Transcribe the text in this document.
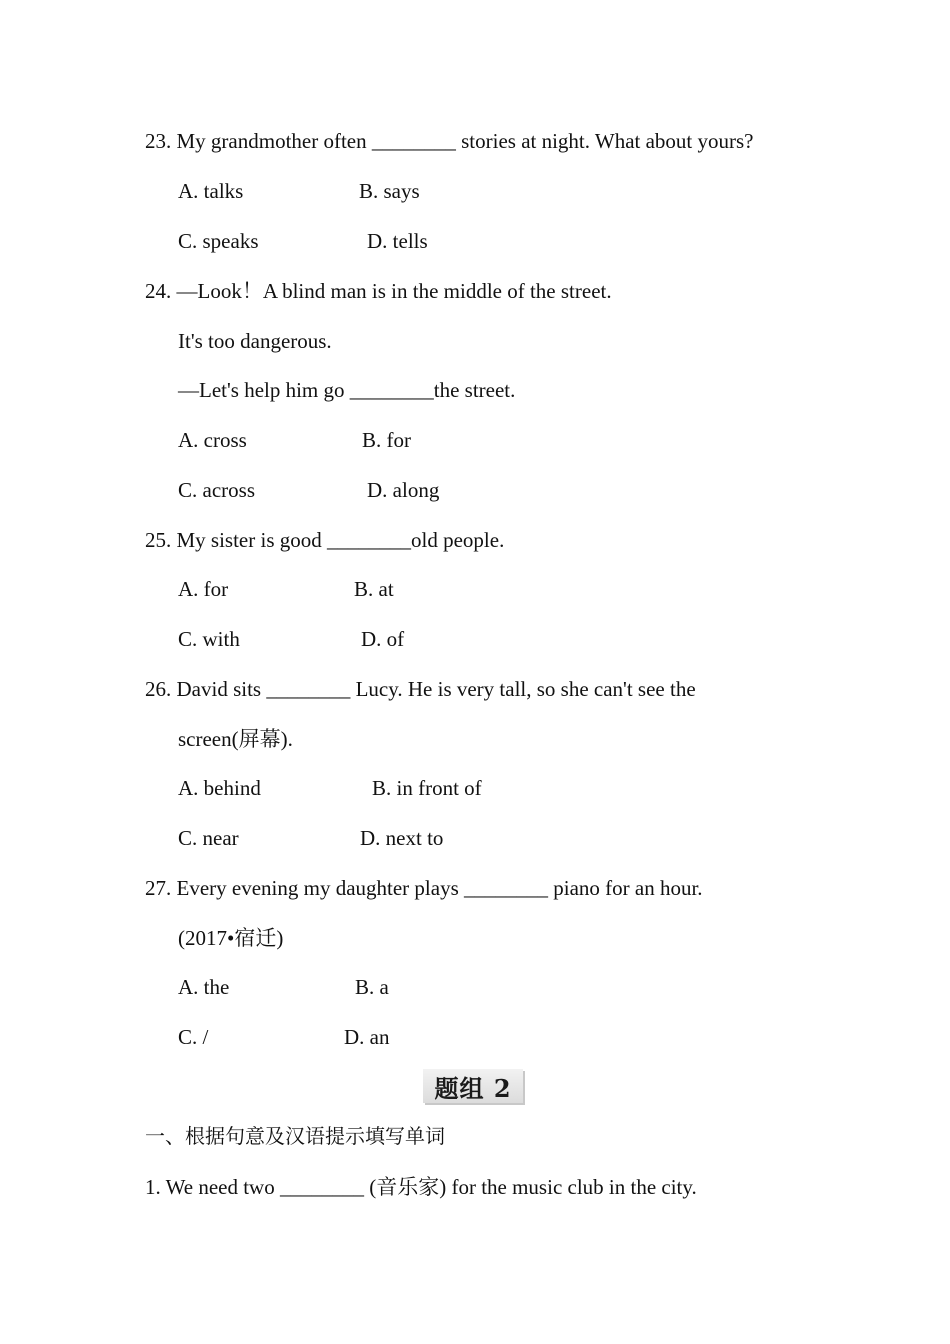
23. My grandmother often ________ stories at night. What about yours?
A. talks	B. says
C. speaks	D. tells
24. —Look！A blind man is in the middle of the street.
It's too dangerous.
—Let's help him go ________the street.
A. cross	B. for
C. across	D. along
25. My sister is good ________old people.
A. for	B. at
C. with	D. of
26. David sits ________ Lucy. He is very tall, so she can't see the
screen(屏幕).
A. behind	B. in front of
C. near	D. next to
27. Every evening my daughter plays ________ piano for an hour.
(2017•宿迁)
A. the	B. a
C. /	D. an
题组 2
一、根据句意及汉语提示填写单词
1. We need two ________ (音乐家) for the music club in the city.
